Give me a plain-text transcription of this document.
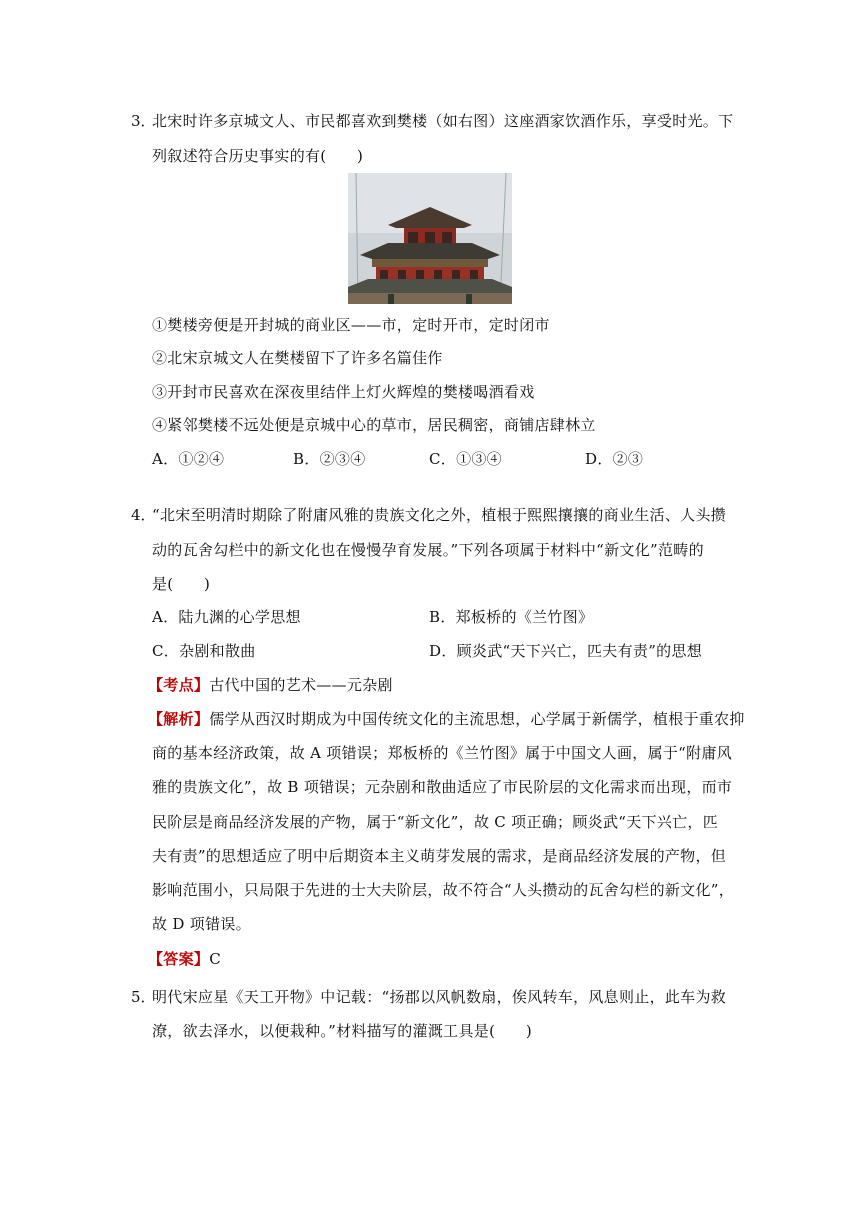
3．
北宋时许多京城文人、市民都喜欢到樊楼（如右图）这座酒家饮酒作乐，享受时光。下
列叙述符合历史事实的有(　　)
①樊楼旁便是开封城的商业区——市，定时开市，定时闭市
②北宋京城文人在樊楼留下了许多名篇佳作
③开封市民喜欢在深夜里结伴上灯火辉煌的樊楼喝酒看戏
④紧邻樊楼不远处便是京城中心的草市，居民稠密，商铺店肆林立
A．①②④	B．②③④	C．①③④	D．②③
4．
“北宋至明清时期除了附庸风雅的贵族文化之外，植根于熙熙攘攘的商业生活、人头攒
动的瓦舍勾栏中的新文化也在慢慢孕育发展。”下列各项属于材料中“新文化”范畴的
是(　　)
A．陆九渊的心学思想	B．郑板桥的《兰竹图》
C．杂剧和散曲	D．顾炎武“天下兴亡，匹夫有责”的思想
【考点】古代中国的艺术——元杂剧
【解析】儒学从西汉时期成为中国传统文化的主流思想，心学属于新儒学，植根于重农抑
商的基本经济政策，故 A 项错误；郑板桥的《兰竹图》属于中国文人画，属于“附庸风
雅的贵族文化”，故 B 项错误；元杂剧和散曲适应了市民阶层的文化需求而出现，而市
民阶层是商品经济发展的产物，属于“新文化”，故 C 项正确；顾炎武“天下兴亡，匹
夫有责”的思想适应了明中后期资本主义萌芽发展的需求，是商品经济发展的产物，但
影响范围小，只局限于先进的士大夫阶层，故不符合“人头攒动的瓦舍勾栏的新文化”，
故 D 项错误。
【答案】C
5．
明代宋应星《天工开物》中记载：“扬郡以风帆数扇，俟风转车，风息则止，此车为救
潦，欲去泽水，以便栽种。”材料描写的灌溉工具是(　　)
